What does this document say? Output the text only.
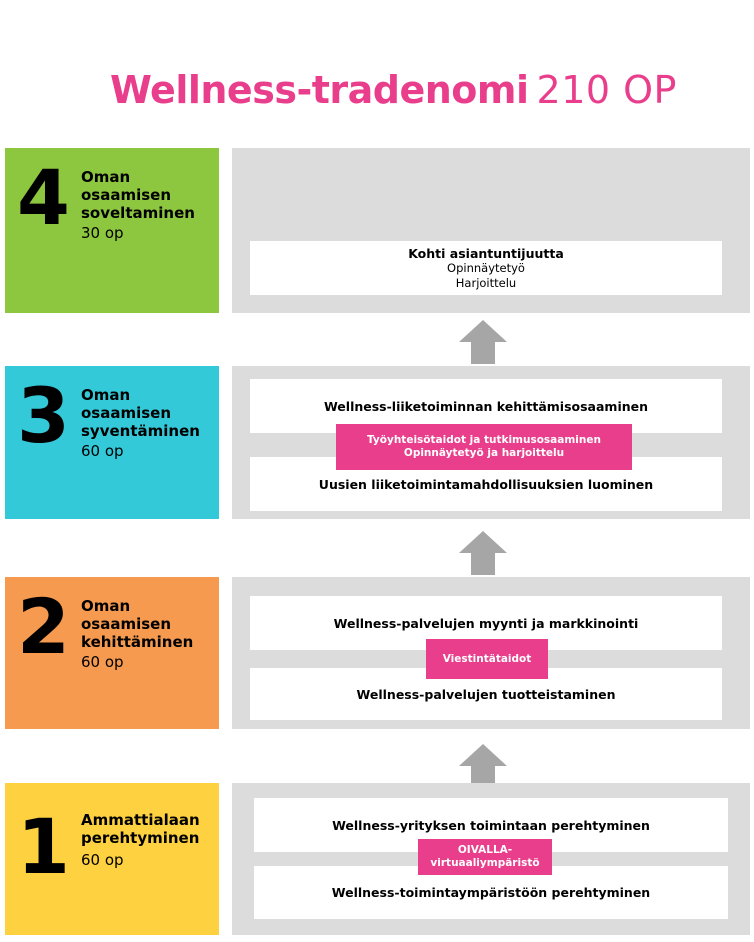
Wellness-tradenomi 210 OP
4 Oman osaamisen soveltaminen
30 op
Kohti asiantuntijuutta
Opinnäytetyö
Harjoittelu
3 Oman osaamisen syventäminen
60 op
Wellness-liiketoiminnan kehittämisosaaminen
Uusien liiketoimintamahdollisuuksien luominen
Työyhteisötaidot ja tutkimusosaaminen
Opinnäytetyö ja harjoittelu
2 Oman osaamisen kehittäminen
60 op
Wellness-palvelujen myynti ja markkinointi
Wellness-palvelujen tuotteistaminen
Viestintätaidot
1 Ammattialaan perehtyminen
60 op
Wellness-yrityksen toimintaan perehtyminen
Wellness-toimintaympäristöön perehtyminen
OIVALLA-
virtuaaliympäristö
